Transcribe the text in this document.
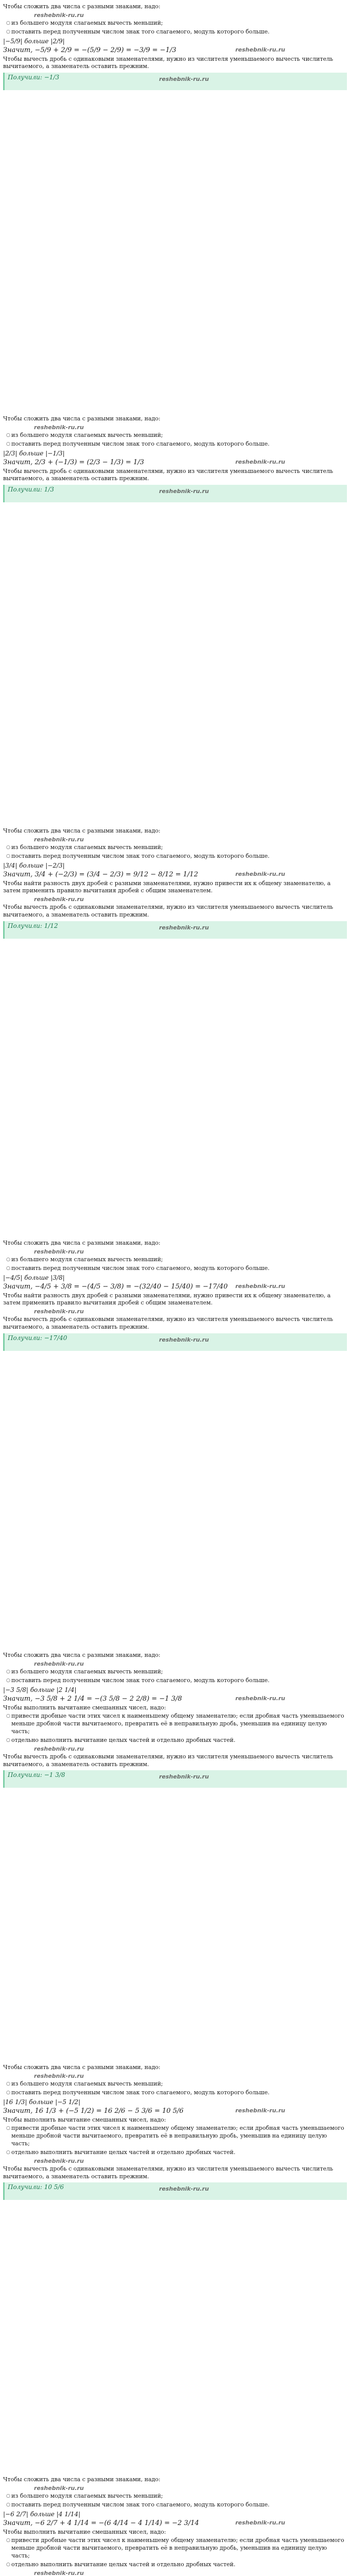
Чтобы сложить два числа с разными знаками, надо:
reshebnik-ru.ru
○ из большего модуля слагаемых вычесть меньший;
○ поставить перед полученным числом знак того слагаемого, модуль которого больше.
|−5/9| больше |2/9|
reshebnik-ru.ru
Значит, −5/9 + 2/9 = −(5/9 − 2/9) = −3/9 = −1/3
Чтобы вычесть дробь с одинаковыми знаменателями, нужно из числителя уменьшаемого вычесть числитель вычитаемого, а знаменатель оставить прежним.
Получили: −1/3	reshebnik-ru.ru
Чтобы сложить два числа с разными знаками, надо:
reshebnik-ru.ru
○ из большего модуля слагаемых вычесть меньший;
○ поставить перед полученным числом знак того слагаемого, модуль которого больше.
|2/3| больше |−1/3|
reshebnik-ru.ru
Значит, 2/3 + (−1/3) = (2/3 − 1/3) = 1/3
Чтобы вычесть дробь с одинаковыми знаменателями, нужно из числителя уменьшаемого вычесть числитель вычитаемого, а знаменатель оставить прежним.
Получили: 1/3	reshebnik-ru.ru
Чтобы сложить два числа с разными знаками, надо:
reshebnik-ru.ru
○ из большего модуля слагаемых вычесть меньший;
○ поставить перед полученным числом знак того слагаемого, модуль которого больше.
|3/4| больше |−2/3|
reshebnik-ru.ru
Значит, 3/4 + (−2/3) = (3/4 − 2/3) = 9/12 − 8/12 = 1/12
Чтобы найти разность двух дробей с разными знаменателями, нужно привести их к общему знаменателю, а затем применить правило вычитания дробей с общим знаменателем.
reshebnik-ru.ru
Чтобы вычесть дробь с одинаковыми знаменателями, нужно из числителя уменьшаемого вычесть числитель вычитаемого, а знаменатель оставить прежним.
Получили: 1/12	reshebnik-ru.ru
Чтобы сложить два числа с разными знаками, надо:
reshebnik-ru.ru
○ из большего модуля слагаемых вычесть меньший;
○ поставить перед полученным числом знак того слагаемого, модуль которого больше.
|−4/5| больше |3/8|
reshebnik-ru.ru
Значит, −4/5 + 3/8 = −(4/5 − 3/8) = −(32/40 − 15/40) = −17/40
Чтобы найти разность двух дробей с разными знаменателями, нужно привести их к общему знаменателю, а затем применить правило вычитания дробей с общим знаменателем.
reshebnik-ru.ru
Чтобы вычесть дробь с одинаковыми знаменателями, нужно из числителя уменьшаемого вычесть числитель вычитаемого, а знаменатель оставить прежним.
Получили: −17/40	reshebnik-ru.ru
Чтобы сложить два числа с разными знаками, надо:
reshebnik-ru.ru
○ из большего модуля слагаемых вычесть меньший;
○ поставить перед полученным числом знак того слагаемого, модуль которого больше.
|−3 5/8| больше |2 1/4|
reshebnik-ru.ru
Значит, −3 5/8 + 2 1/4 = −(3 5/8 − 2 2/8) = −1 3/8
Чтобы выполнить вычитание смешанных чисел, надо:
○ привести дробные части этих чисел к наименьшему общему знаменателю; если дробная часть уменьшаемого меньше дробной части вычитаемого, превратить её в неправильную дробь, уменьшив на единицу целую часть;
○ отдельно выполнить вычитание целых частей и отдельно дробных частей.
reshebnik-ru.ru
Чтобы вычесть дробь с одинаковыми знаменателями, нужно из числителя уменьшаемого вычесть числитель вычитаемого, а знаменатель оставить прежним.
Получили: −1 3/8	reshebnik-ru.ru
Чтобы сложить два числа с разными знаками, надо:
reshebnik-ru.ru
○ из большего модуля слагаемых вычесть меньший;
○ поставить перед полученным числом знак того слагаемого, модуль которого больше.
|16 1/3| больше |−5 1/2|
reshebnik-ru.ru
Значит, 16 1/3 + (−5 1/2) = 16 2/6 − 5 3/6 = 10 5/6
Чтобы выполнить вычитание смешанных чисел, надо:
○ привести дробные части этих чисел к наименьшему общему знаменателю; если дробная часть уменьшаемого меньше дробной части вычитаемого, превратить её в неправильную дробь, уменьшив на единицу целую часть;
○ отдельно выполнить вычитание целых частей и отдельно дробных частей.
reshebnik-ru.ru
Чтобы вычесть дробь с одинаковыми знаменателями, нужно из числителя уменьшаемого вычесть числитель вычитаемого, а знаменатель оставить прежним.
Получили: 10 5/6	reshebnik-ru.ru
Чтобы сложить два числа с разными знаками, надо:
reshebnik-ru.ru
○ из большего модуля слагаемых вычесть меньший;
○ поставить перед полученным числом знак того слагаемого, модуль которого больше.
|−6 2/7| больше |4 1/14|
reshebnik-ru.ru
Значит, −6 2/7 + 4 1/14 = −(6 4/14 − 4 1/14) = −2 3/14
Чтобы выполнить вычитание смешанных чисел, надо:
○ привести дробные части этих чисел к наименьшему общему знаменателю; если дробная часть уменьшаемого меньше дробной части вычитаемого, превратить её в неправильную дробь, уменьшив на единицу целую часть;
○ отдельно выполнить вычитание целых частей и отдельно дробных частей.
reshebnik-ru.ru
